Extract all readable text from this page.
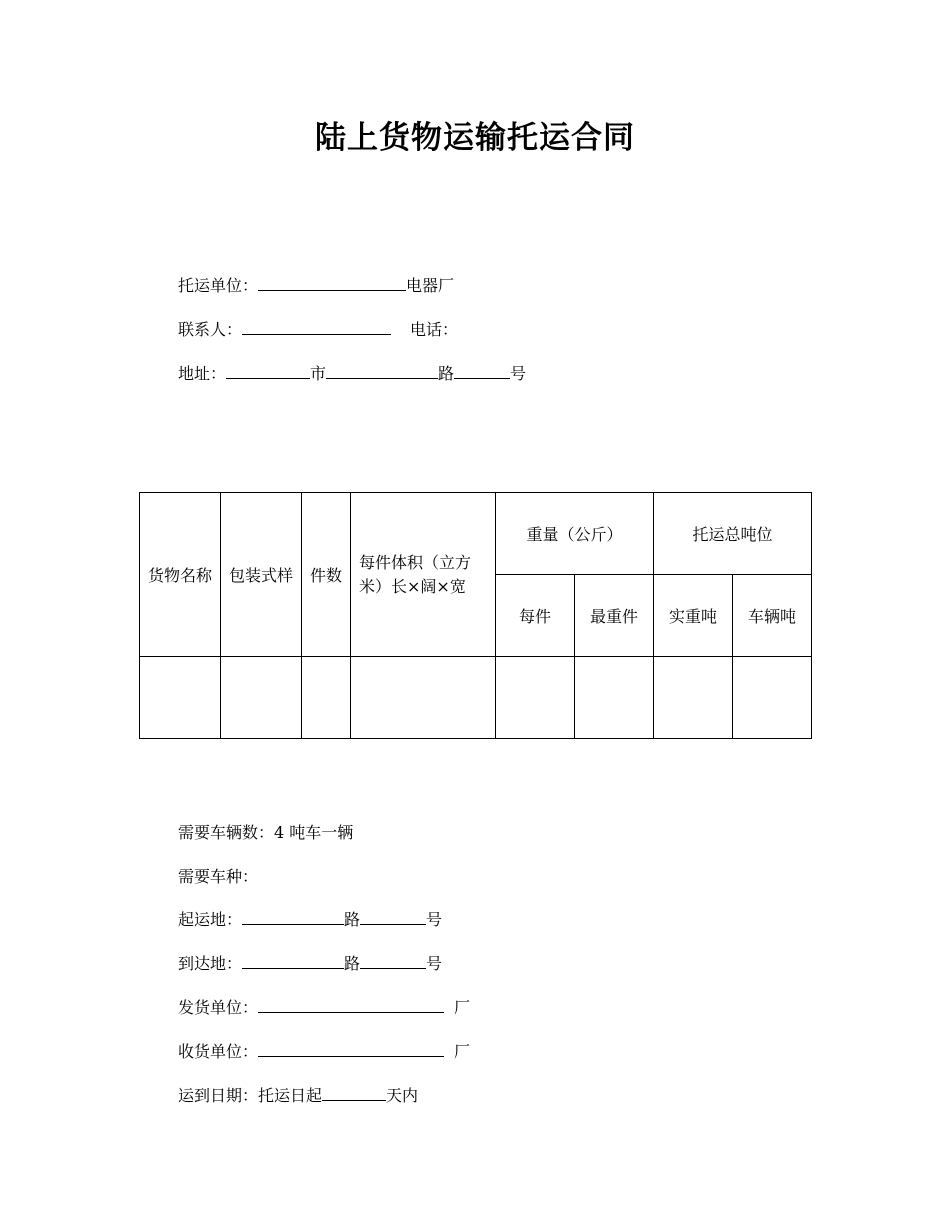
陆上货物运输托运合同
托运单位：	电器厂
联系人：	电话：
地址：	市	路	号
货物名称	包装式样	件数	每件体积（立方米）长×阔×宽	重量（公斤）		托运总吨位	
				每件	最重件	实重吨	车辆吨

需要车辆数：4 吨车一辆
需要车种：
起运地：	路	号
到达地：	路	号
发货单位：	厂
收货单位：	厂
运到日期：托运日起	天内
